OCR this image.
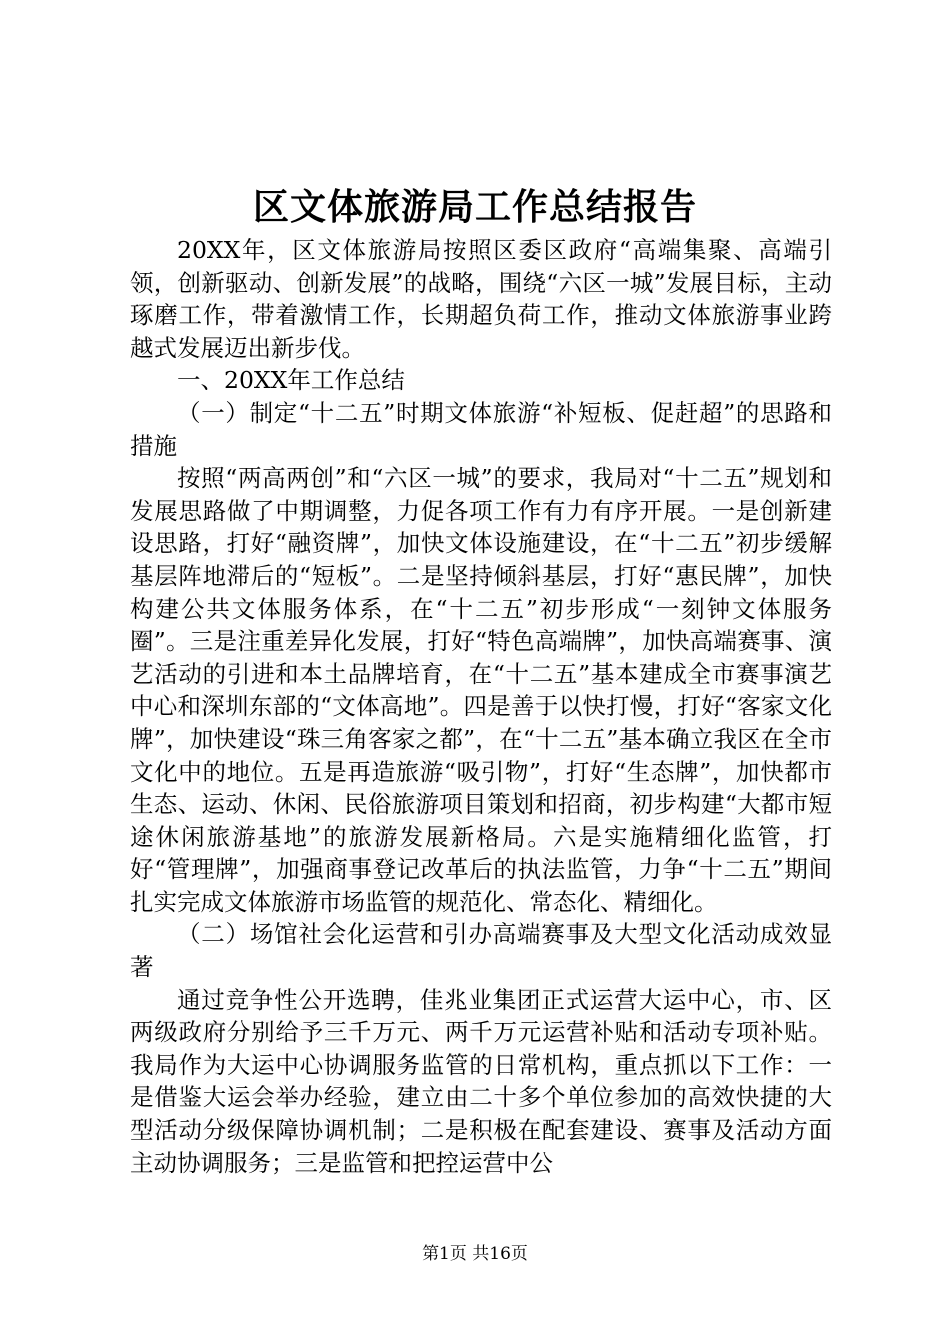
区文体旅游局工作总结报告

20XX年，区文体旅游局按照区委区政府“高端集聚、高端引领，创新驱动、创新发展”的战略，围绕“六区一城”发展目标，主动琢磨工作，带着激情工作，长期超负荷工作，推动文体旅游事业跨越式发展迈出新步伐。

一、20XX年工作总结

（一）制定“十二五”时期文体旅游“补短板、促赶超”的思路和措施

按照“两高两创”和“六区一城”的要求，我局对“十二五”规划和发展思路做了中期调整，力促各项工作有力有序开展。一是创新建设思路，打好“融资牌”，加快文体设施建设，在“十二五”初步缓解基层阵地滞后的“短板”。二是坚持倾斜基层，打好“惠民牌”，加快构建公共文体服务体系，在“十二五”初步形成“一刻钟文体服务圈”。三是注重差异化发展，打好“特色高端牌”，加快高端赛事、演艺活动的引进和本土品牌培育，在“十二五”基本建成全市赛事演艺中心和深圳东部的“文体高地”。四是善于以快打慢，打好“客家文化牌”，加快建设“珠三角客家之都”，在“十二五”基本确立我区在全市文化中的地位。五是再造旅游“吸引物”，打好“生态牌”，加快都市生态、运动、休闲、民俗旅游项目策划和招商，初步构建“大都市短途休闲旅游基地”的旅游发展新格局。六是实施精细化监管，打好“管理牌”，加强商事登记改革后的执法监管，力争“十二五”期间扎实完成文体旅游市场监管的规范化、常态化、精细化。

（二）场馆社会化运营和引办高端赛事及大型文化活动成效显著

通过竞争性公开选聘，佳兆业集团正式运营大运中心，市、区两级政府分别给予三千万元、两千万元运营补贴和活动专项补贴。我局作为大运中心协调服务监管的日常机构，重点抓以下工作：一是借鉴大运会举办经验，建立由二十多个单位参加的高效快捷的大型活动分级保障协调机制；二是积极在配套建设、赛事及活动方面主动协调服务；三是监管和把控运营中公

第1页 共16页
